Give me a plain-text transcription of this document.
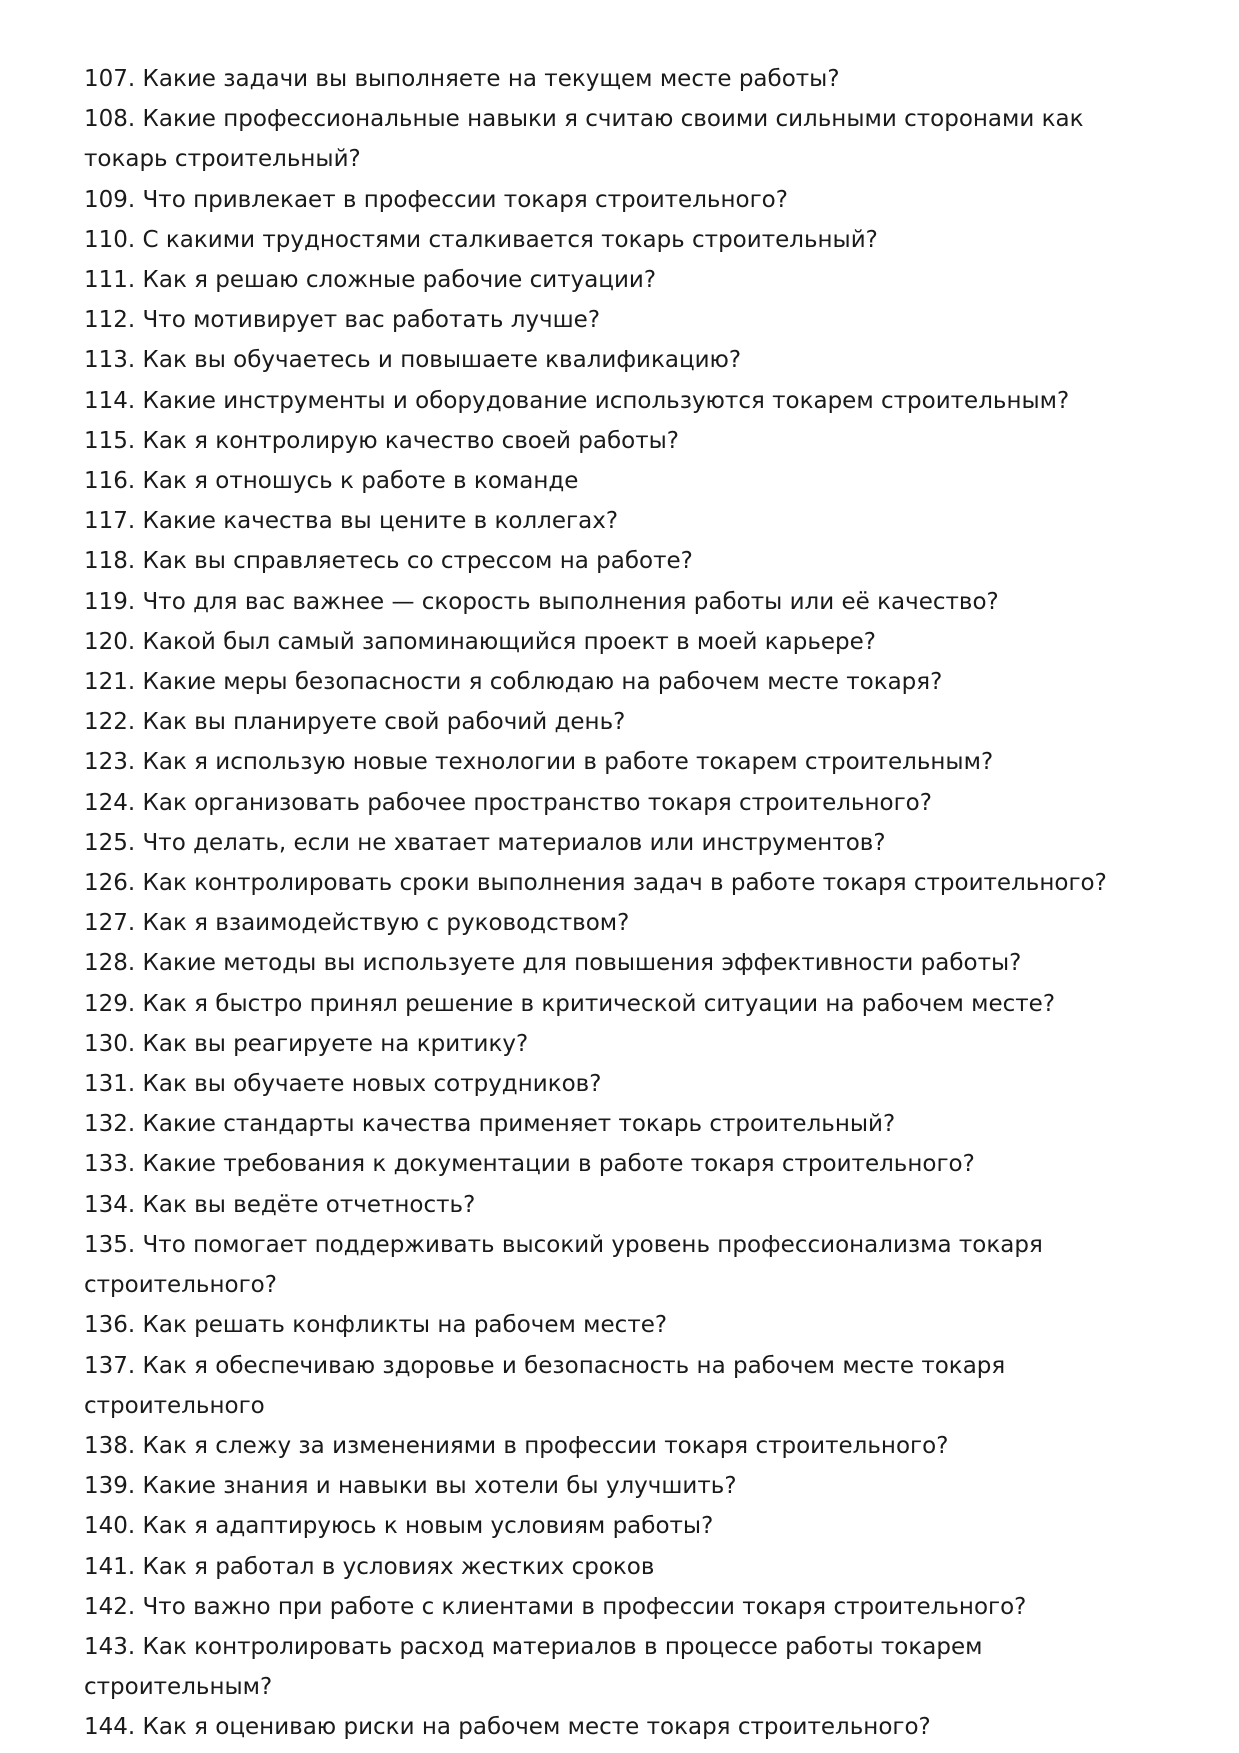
107. Какие задачи вы выполняете на текущем месте работы?

108. Какие профессиональные навыки я считаю своими сильными сторонами как токарь строительный?

109. Что привлекает в профессии токаря строительного?

110. С какими трудностями сталкивается токарь строительный?

111. Как я решаю сложные рабочие ситуации?

112. Что мотивирует вас работать лучше?

113. Как вы обучаетесь и повышаете квалификацию?

114. Какие инструменты и оборудование используются токарем строительным?

115. Как я контролирую качество своей работы?

116. Как я отношусь к работе в команде

117. Какие качества вы цените в коллегах?

118. Как вы справляетесь со стрессом на работе?

119. Что для вас важнее — скорость выполнения работы или её качество?

120. Какой был самый запоминающийся проект в моей карьере?

121. Какие меры безопасности я соблюдаю на рабочем месте токаря?

122. Как вы планируете свой рабочий день?

123. Как я использую новые технологии в работе токарем строительным?

124. Как организовать рабочее пространство токаря строительного?

125. Что делать, если не хватает материалов или инструментов?

126. Как контролировать сроки выполнения задач в работе токаря строительного?

127. Как я взаимодействую с руководством?

128. Какие методы вы используете для повышения эффективности работы?

129. Как я быстро принял решение в критической ситуации на рабочем месте?

130. Как вы реагируете на критику?

131. Как вы обучаете новых сотрудников?

132. Какие стандарты качества применяет токарь строительный?

133. Какие требования к документации в работе токаря строительного?

134. Как вы ведёте отчетность?

135. Что помогает поддерживать высокий уровень профессионализма токаря строительного?

136. Как решать конфликты на рабочем месте?

137. Как я обеспечиваю здоровье и безопасность на рабочем месте токаря строительного

138. Как я слежу за изменениями в профессии токаря строительного?

139. Какие знания и навыки вы хотели бы улучшить?

140. Как я адаптируюсь к новым условиям работы?

141. Как я работал в условиях жестких сроков

142. Что важно при работе с клиентами в профессии токаря строительного?

143. Как контролировать расход материалов в процессе работы токарем строительным?

144. Как я оцениваю риски на рабочем месте токаря строительного?
